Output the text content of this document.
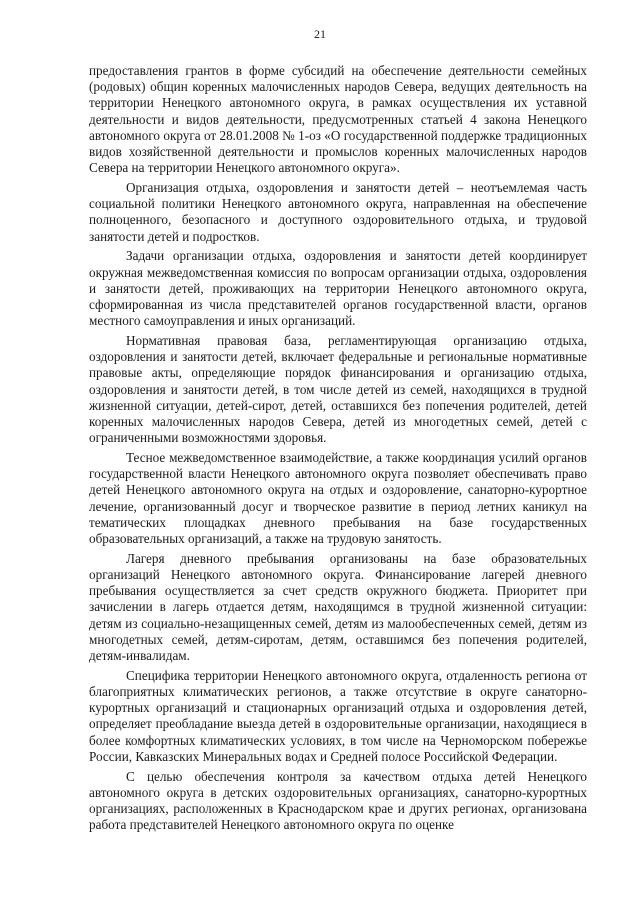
21

предоставления грантов в форме субсидий на обеспечение деятельности семейных (родовых) общин коренных малочисленных народов Севера, ведущих деятельность на территории Ненецкого автономного округа, в рамках осуществления их уставной деятельности и видов деятельности, предусмотренных статьей 4 закона Ненецкого автономного округа от 28.01.2008 № 1-оз «О государственной поддержке традиционных видов хозяйственной деятельности и промыслов коренных малочисленных народов Севера на территории Ненецкого автономного округа».

Организация отдыха, оздоровления и занятости детей – неотъемлемая часть социальной политики Ненецкого автономного округа, направленная на обеспечение полноценного, безопасного и доступного оздоровительного отдыха, и трудовой занятости детей и подростков.

Задачи организации отдыха, оздоровления и занятости детей координирует окружная межведомственная комиссия по вопросам организации отдыха, оздоровления и занятости детей, проживающих на территории Ненецкого автономного округа, сформированная из числа представителей органов государственной власти, органов местного самоуправления и иных организаций.

Нормативная правовая база, регламентирующая организацию отдыха, оздоровления и занятости детей, включает федеральные и региональные нормативные правовые акты, определяющие порядок финансирования и организацию отдыха, оздоровления и занятости детей, в том числе детей из семей, находящихся в трудной жизненной ситуации, детей-сирот, детей, оставшихся без попечения родителей, детей коренных малочисленных народов Севера, детей из многодетных семей, детей с ограниченными возможностями здоровья.

Тесное межведомственное взаимодействие, а также координация усилий органов государственной власти Ненецкого автономного округа позволяет обеспечивать право детей Ненецкого автономного округа на отдых и оздоровление, санаторно-курортное лечение, организованный досуг и творческое развитие в период летних каникул на тематических площадках дневного пребывания на базе государственных образовательных организаций, а также на трудовую занятость.

Лагеря дневного пребывания организованы на базе образовательных организаций Ненецкого автономного округа. Финансирование лагерей дневного пребывания осуществляется за счет средств окружного бюджета. Приоритет при зачислении в лагерь отдается детям, находящимся в трудной жизненной ситуации: детям из социально-незащищенных семей, детям из малообеспеченных семей, детям из многодетных семей, детям-сиротам, детям, оставшимся без попечения родителей, детям-инвалидам.

Специфика территории Ненецкого автономного округа, отдаленность региона от благоприятных климатических регионов, а также отсутствие в округе санаторно-курортных организаций и стационарных организаций отдыха и оздоровления детей, определяет преобладание выезда детей в оздоровительные организации, находящиеся в более комфортных климатических условиях, в том числе на Черноморском побережье России, Кавказских Минеральных водах и Средней полосе Российской Федерации.

С целью обеспечения контроля за качеством отдыха детей Ненецкого автономного округа в детских оздоровительных организациях, санаторно-курортных организациях, расположенных в Краснодарском крае и других регионах, организована работа представителей Ненецкого автономного округа по оценке
